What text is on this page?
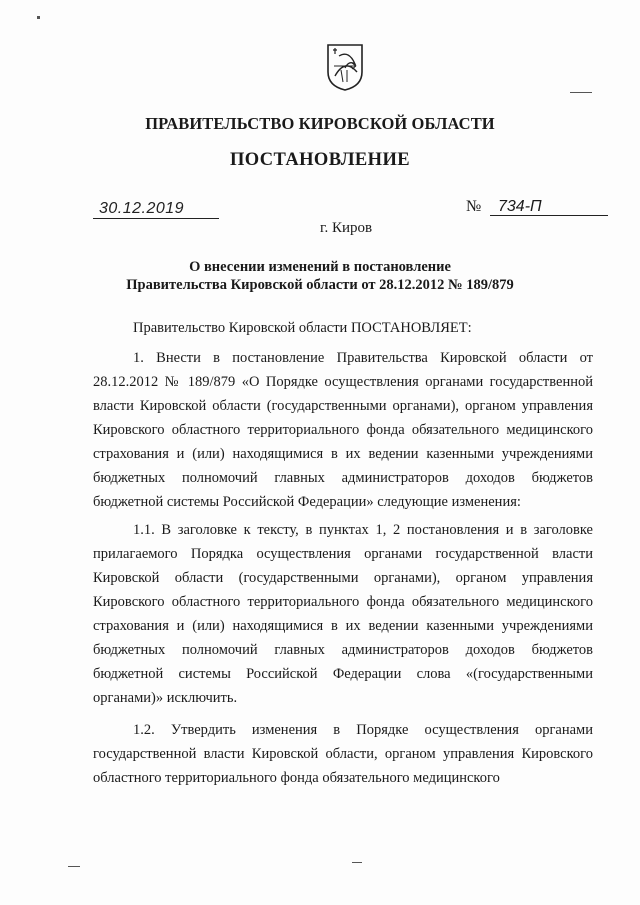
ПРАВИТЕЛЬСТВО КИРОВСКОЙ ОБЛАСТИ
ПОСТАНОВЛЕНИЕ
30.12.2019	№	734-П
г. Киров
О внесении изменений в постановление
Правительства Кировской области от 28.12.2012 № 189/879

Правительство Кировской области ПОСТАНОВЛЯЕТ:

1. Внести в постановление Правительства Кировской области от 28.12.2012 № 189/879 «О Порядке осуществления органами государственной власти Кировской области (государственными органами), органом управления Кировского областного территориального фонда обязательного медицинского страхования и (или) находящимися в их ведении казенными учреждениями бюджетных полномочий главных администраторов доходов бюджетов бюджетной системы Российской Федерации» следующие изменения:

1.1. В заголовке к тексту, в пунктах 1, 2 постановления и в заголовке прилагаемого Порядка осуществления органами государственной власти Кировской области (государственными органами), органом управления Кировского областного территориального фонда обязательного медицинского страхования и (или) находящимися в их ведении казенными учреждениями бюджетных полномочий главных администраторов доходов бюджетов бюджетной системы Российской Федерации слова «(государственными органами)» исключить.

1.2. Утвердить изменения в Порядке осуществления органами государственной власти Кировской области, органом управления Кировского областного территориального фонда обязательного медицинского
